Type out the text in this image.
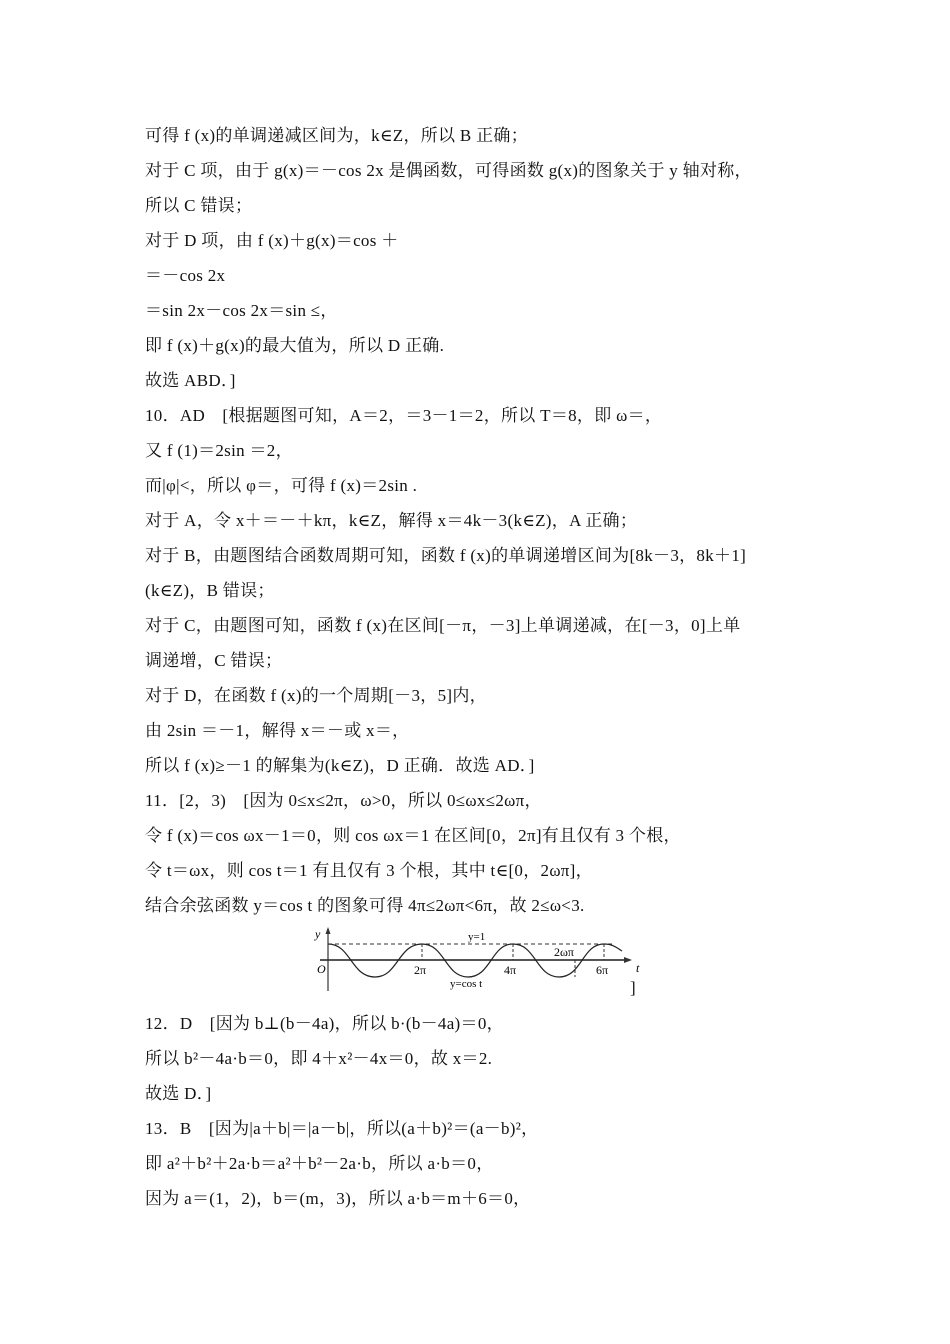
可得 f (x)的单调递减区间为，k∈Z，所以 B 正确；
对于 C 项，由于 g(x)＝－cos 2x 是偶函数，可得函数 g(x)的图象关于 y 轴对称，
所以 C 错误；
对于 D 项，由 f (x)＋g(x)＝cos ＋
＝－cos 2x
＝sin 2x－cos 2x＝sin ≤，
即 f (x)＋g(x)的最大值为，所以 D 正确.
故选 ABD．]
10．AD　[根据题图可知，A＝2，＝3－1＝2，所以 T＝8，即 ω＝，
又 f (1)＝2sin ＝2，
而|φ|<，所以 φ＝，可得 f (x)＝2sin .
对于 A，令 x＋＝－＋kπ，k∈Z，解得 x＝4k－3(k∈Z)，A 正确；
对于 B，由题图结合函数周期可知，函数 f (x)的单调递增区间为[8k－3，8k＋1]
(k∈Z)，B 错误；
对于 C，由题图可知，函数 f (x)在区间[－π，－3]上单调递减，在[－3，0]上单
调递增，C 错误；
对于 D，在函数 f (x)的一个周期[－3，5]内，
由 2sin ＝－1，解得 x＝－或 x＝，
所以 f (x)≥－1 的解集为(k∈Z)，D 正确．故选 AD．]
11．[2，3)　[因为 0≤x≤2π，ω>0，所以 0≤ωx≤2ωπ，
令 f (x)＝cos ωx－1＝0，则 cos ωx＝1 在区间[0，2π]有且仅有 3 个根，
令 t＝ωx，则 cos t＝1 有且仅有 3 个根，其中 t∈[0，2ωπ]，
结合余弦函数 y＝cos t 的图象可得 4π≤2ωπ<6π，故 2≤ω<3.
y
t
O
y=1
y=cos t
2π	4π	6π
2ωπ
]
12．D　[因为 b⊥(b－4a)，所以 b·(b－4a)＝0，
所以 b²－4a·b＝0，即 4＋x²－4x＝0，故 x＝2.
故选 D．]
13．B　[因为|a＋b|＝|a－b|，所以(a＋b)²＝(a－b)²，
即 a²＋b²＋2a·b＝a²＋b²－2a·b，所以 a·b＝0，
因为 a＝(1，2)，b＝(m，3)，所以 a·b＝m＋6＝0，
